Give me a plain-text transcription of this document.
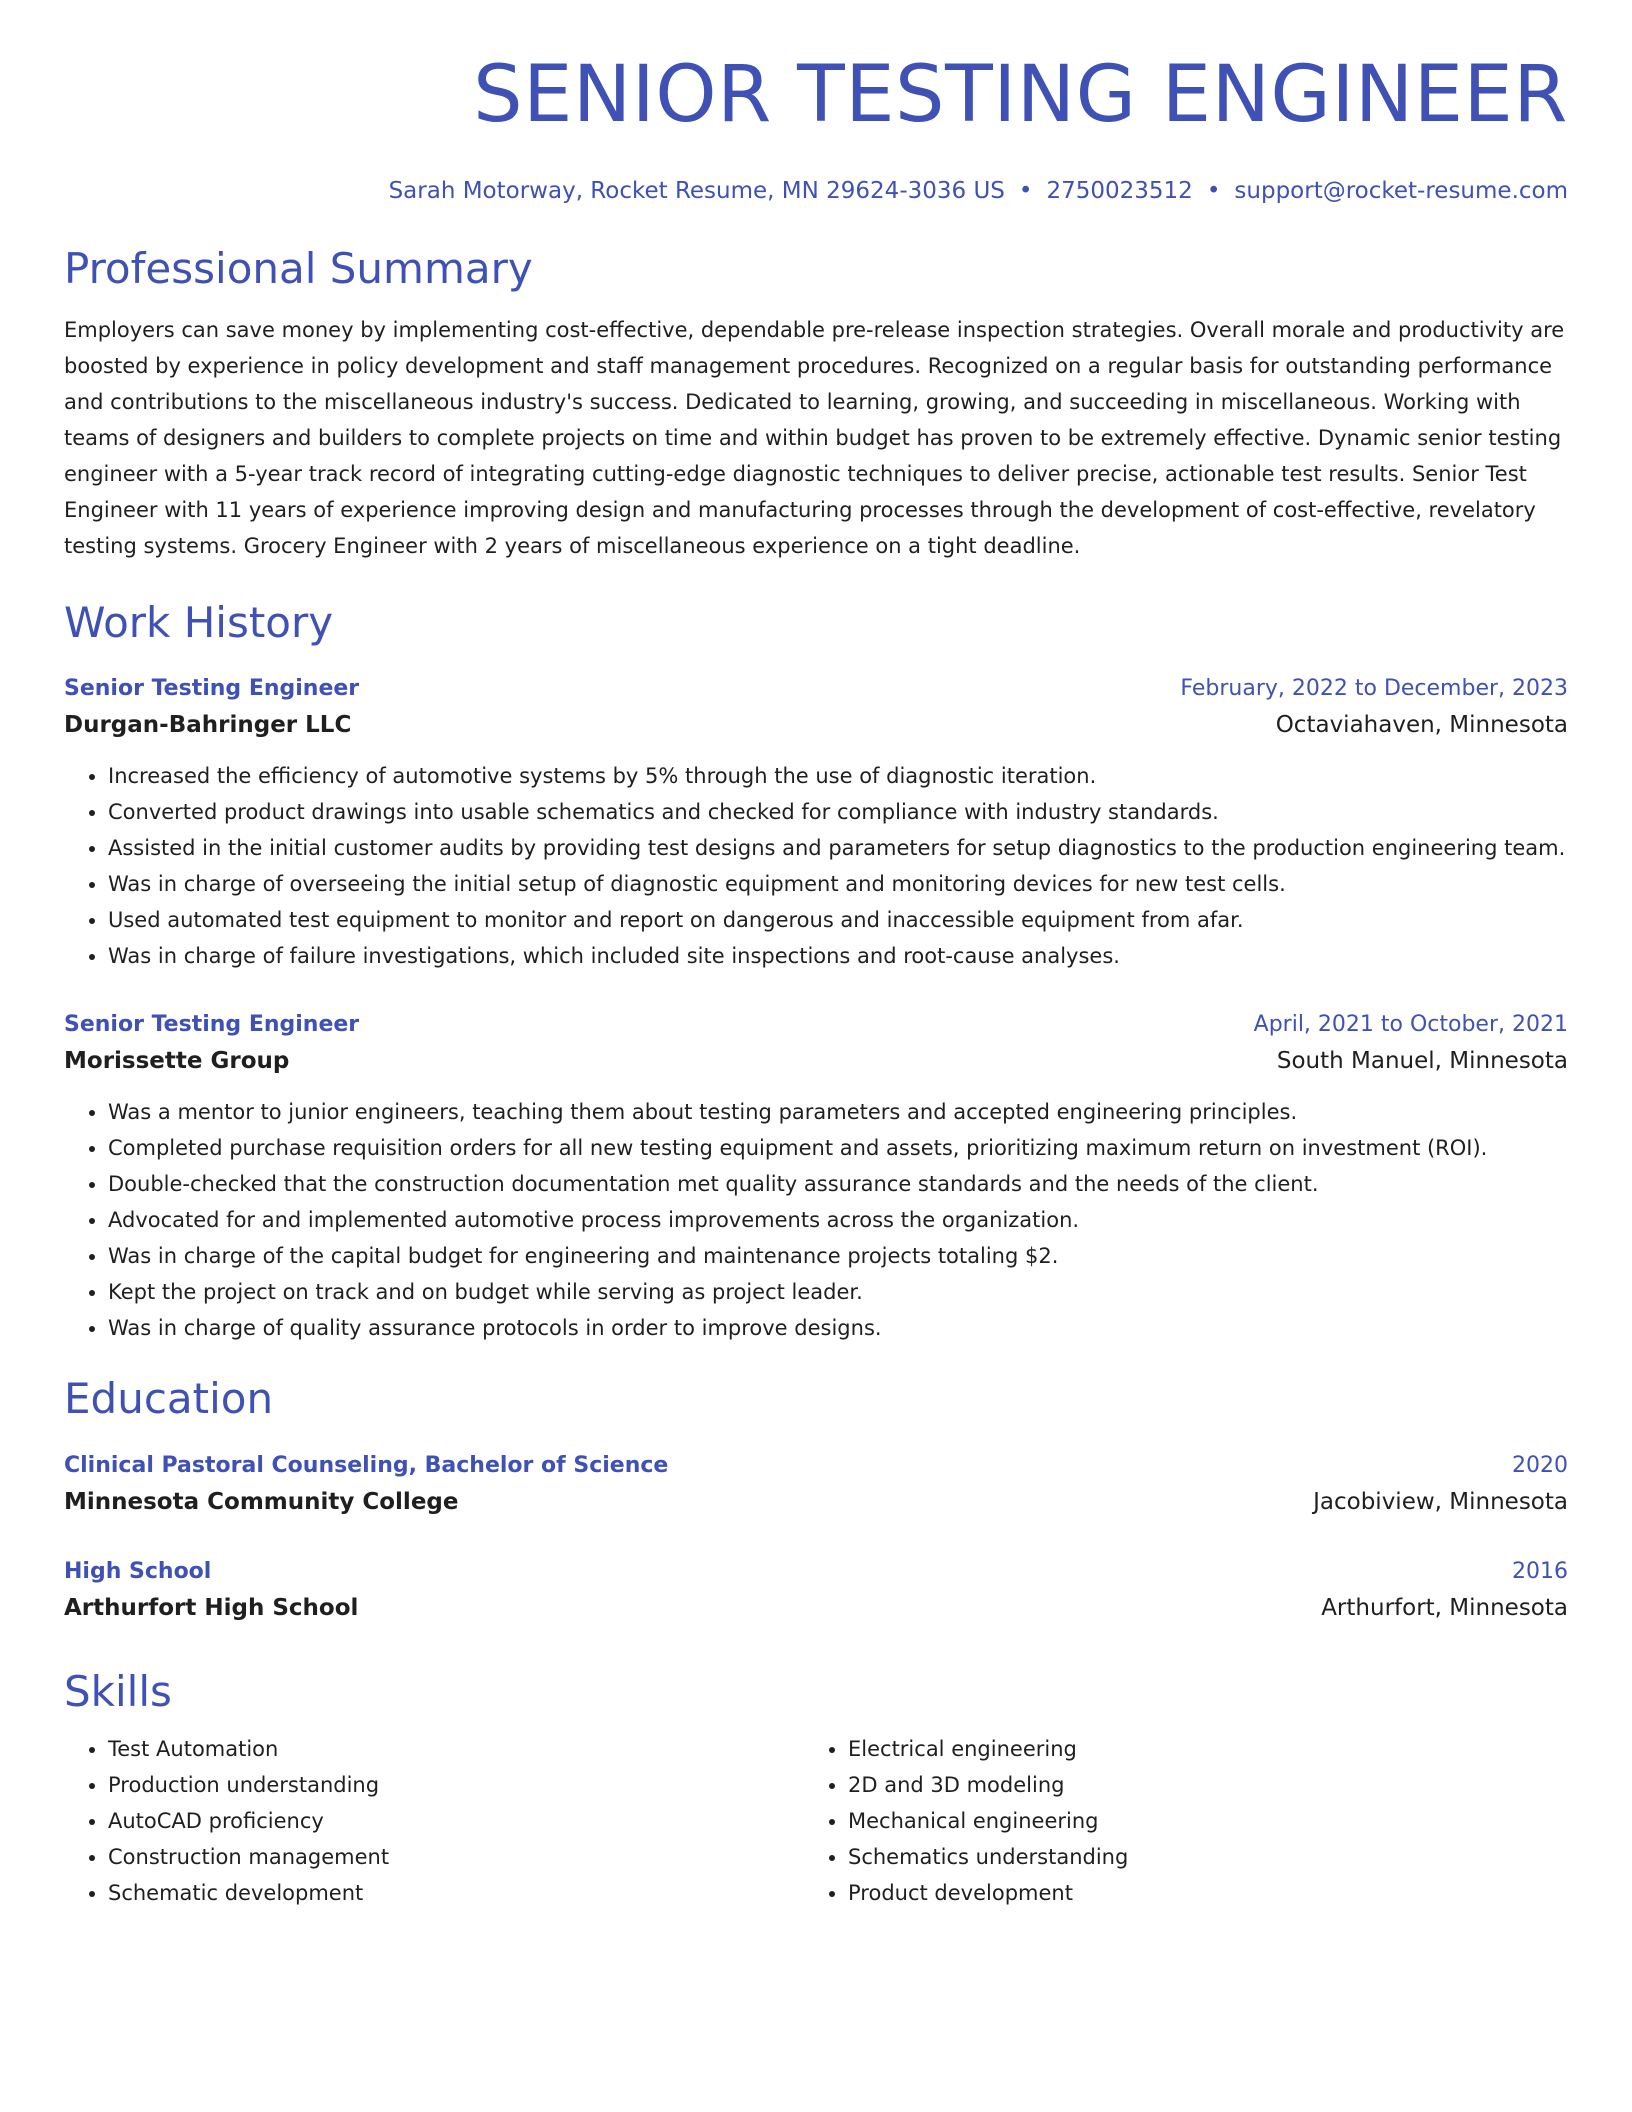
SENIOR TESTING ENGINEER
Sarah Motorway, Rocket Resume, MN 29624-3036 US • 2750023512 • support@rocket-resume.com
Professional Summary
Employers can save money by implementing cost-effective, dependable pre-release inspection strategies. Overall morale and productivity are boosted by experience in policy development and staff management procedures. Recognized on a regular basis for outstanding performance and contributions to the miscellaneous industry's success. Dedicated to learning, growing, and succeeding in miscellaneous. Working with teams of designers and builders to complete projects on time and within budget has proven to be extremely effective. Dynamic senior testing engineer with a 5-year track record of integrating cutting-edge diagnostic techniques to deliver precise, actionable test results. Senior Test Engineer with 11 years of experience improving design and manufacturing processes through the development of cost-effective, revelatory testing systems. Grocery Engineer with 2 years of miscellaneous experience on a tight deadline.
Work History
Senior Testing Engineer	February, 2022 to December, 2023
Durgan-Bahringer LLC	Octaviahaven, Minnesota
• Increased the efficiency of automotive systems by 5% through the use of diagnostic iteration.
• Converted product drawings into usable schematics and checked for compliance with industry standards.
• Assisted in the initial customer audits by providing test designs and parameters for setup diagnostics to the production engineering team.
• Was in charge of overseeing the initial setup of diagnostic equipment and monitoring devices for new test cells.
• Used automated test equipment to monitor and report on dangerous and inaccessible equipment from afar.
• Was in charge of failure investigations, which included site inspections and root-cause analyses.
Senior Testing Engineer	April, 2021 to October, 2021
Morissette Group	South Manuel, Minnesota
• Was a mentor to junior engineers, teaching them about testing parameters and accepted engineering principles.
• Completed purchase requisition orders for all new testing equipment and assets, prioritizing maximum return on investment (ROI).
• Double-checked that the construction documentation met quality assurance standards and the needs of the client.
• Advocated for and implemented automotive process improvements across the organization.
• Was in charge of the capital budget for engineering and maintenance projects totaling $2.
• Kept the project on track and on budget while serving as project leader.
• Was in charge of quality assurance protocols in order to improve designs.
Education
Clinical Pastoral Counseling, Bachelor of Science	2020
Minnesota Community College	Jacobiview, Minnesota
High School	2016
Arthurfort High School	Arthurfort, Minnesota
Skills
• Test Automation
• Production understanding
• AutoCAD proficiency
• Construction management
• Schematic development
• Electrical engineering
• 2D and 3D modeling
• Mechanical engineering
• Schematics understanding
• Product development
